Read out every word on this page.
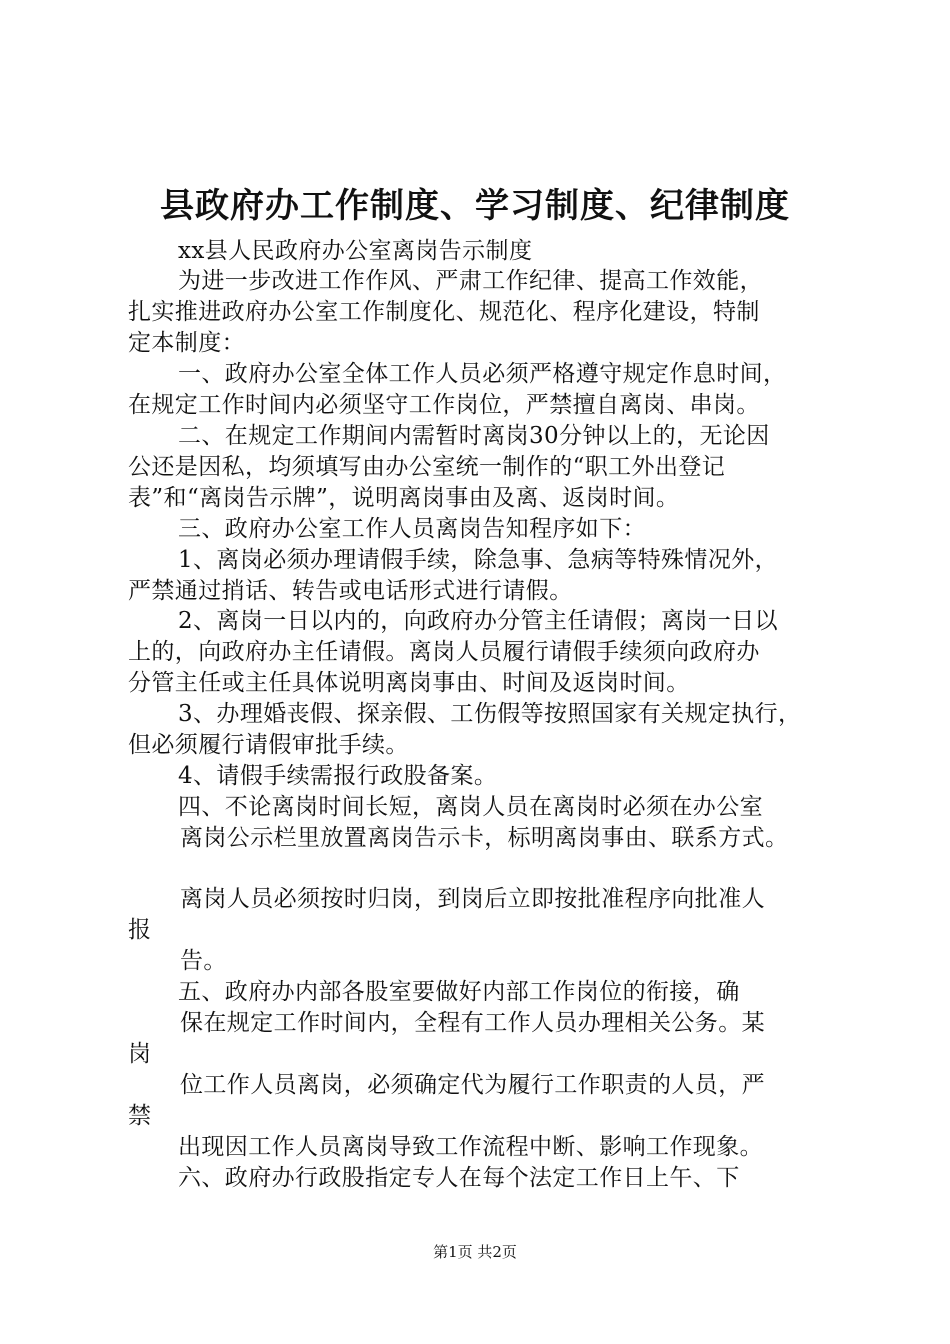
县政府办工作制度、学习制度、纪律制度
xx县人民政府办公室离岗告示制度
为进一步改进工作作风、严肃工作纪律、提高工作效能，
扎实推进政府办公室工作制度化、规范化、程序化建设，特制
定本制度：
一、政府办公室全体工作人员必须严格遵守规定作息时间，
在规定工作时间内必须坚守工作岗位，严禁擅自离岗、串岗。
二、在规定工作期间内需暂时离岗30分钟以上的，无论因
公还是因私，均须填写由办公室统一制作的“职工外出登记
表”和“离岗告示牌”，说明离岗事由及离、返岗时间。
三、政府办公室工作人员离岗告知程序如下：
1、离岗必须办理请假手续，除急事、急病等特殊情况外，
严禁通过捎话、转告或电话形式进行请假。
2、离岗一日以内的，向政府办分管主任请假；离岗一日以
上的，向政府办主任请假。离岗人员履行请假手续须向政府办
分管主任或主任具体说明离岗事由、时间及返岗时间。
3、办理婚丧假、探亲假、工伤假等按照国家有关规定执行，
但必须履行请假审批手续。
4、请假手续需报行政股备案。
四、不论离岗时间长短，离岗人员在离岗时必须在办公室
离岗公示栏里放置离岗告示卡，标明离岗事由、联系方式。
离岗人员必须按时归岗，到岗后立即按批准程序向批准人
报
告。
五、政府办内部各股室要做好内部工作岗位的衔接，确
保在规定工作时间内，全程有工作人员办理相关公务。某
岗
位工作人员离岗，必须确定代为履行工作职责的人员，严
禁
出现因工作人员离岗导致工作流程中断、影响工作现象。
六、政府办行政股指定专人在每个法定工作日上午、下
第1页 共2页
